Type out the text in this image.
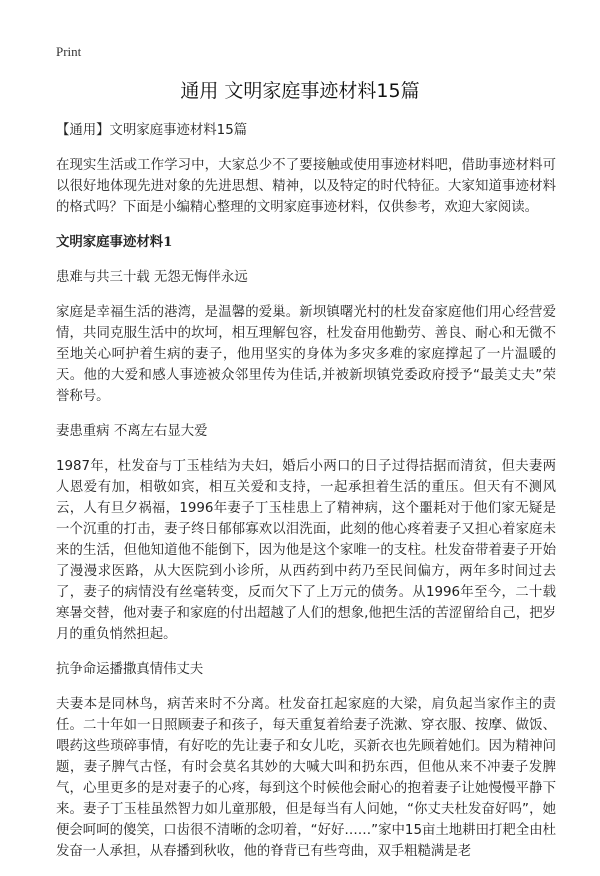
Print
通用 文明家庭事迹材料15篇

【通用】文明家庭事迹材料15篇

在现实生活或工作学习中，大家总少不了要接触或使用事迹材料吧，借助事迹材料可以很好地体现先进对象的先进思想、精神，以及特定的时代特征。大家知道事迹材料的格式吗？下面是小编精心整理的文明家庭事迹材料，仅供参考，欢迎大家阅读。

文明家庭事迹材料1

患难与共三十载 无怨无悔伴永远

家庭是幸福生活的港湾，是温馨的爱巢。新坝镇曙光村的杜发奋家庭他们用心经营爱情，共同克服生活中的坎坷，相互理解包容，杜发奋用他勤劳、善良、耐心和无微不至地关心呵护着生病的妻子，他用坚实的身体为多灾多难的家庭撑起了一片温暖的天。他的大爱和感人事迹被众邻里传为佳话,并被新坝镇党委政府授予“最美丈夫”荣誉称号。

妻患重病 不离左右显大爱

1987年，杜发奋与丁玉桂结为夫妇，婚后小两口的日子过得拮据而清贫，但夫妻两人恩爱有加，相敬如宾，相互关爱和支持，一起承担着生活的重压。但天有不测风云，人有旦夕祸福，1996年妻子丁玉桂患上了精神病，这个噩耗对于他们家无疑是一个沉重的打击，妻子终日郁郁寡欢以泪洗面，此刻的他心疼着妻子又担心着家庭未来的生活，但他知道他不能倒下，因为他是这个家唯一的支柱。杜发奋带着妻子开始了漫漫求医路，从大医院到小诊所，从西药到中药乃至民间偏方，两年多时间过去了，妻子的病情没有丝毫转变，反而欠下了上万元的债务。从1996年至今，二十载寒暑交替，他对妻子和家庭的付出超越了人们的想象,他把生活的苦涩留给自己，把岁月的重负悄然担起。

抗争命运播撒真情伟丈夫

夫妻本是同林鸟，病苦来时不分离。杜发奋扛起家庭的大梁，肩负起当家作主的责任。二十年如一日照顾妻子和孩子，每天重复着给妻子洗漱、穿衣服、按摩、做饭、喂药这些琐碎事情，有好吃的先让妻子和女儿吃，买新衣也先顾着她们。因为精神问题，妻子脾气古怪，有时会莫名其妙的大喊大叫和扔东西，但他从来不冲妻子发脾气，心里更多的是对妻子的心疼，每到这个时候他会耐心的抱着妻子让她慢慢平静下来。妻子丁玉桂虽然智力如儿童那般，但是每当有人问她，“你丈夫杜发奋好吗”，她便会呵呵的傻笑，口齿很不清晰的念叨着，“好好……”家中15亩土地耕田打耙全由杜发奋一人承担，从春播到秋收，他的脊背已有些弯曲，双手粗糙满是老
